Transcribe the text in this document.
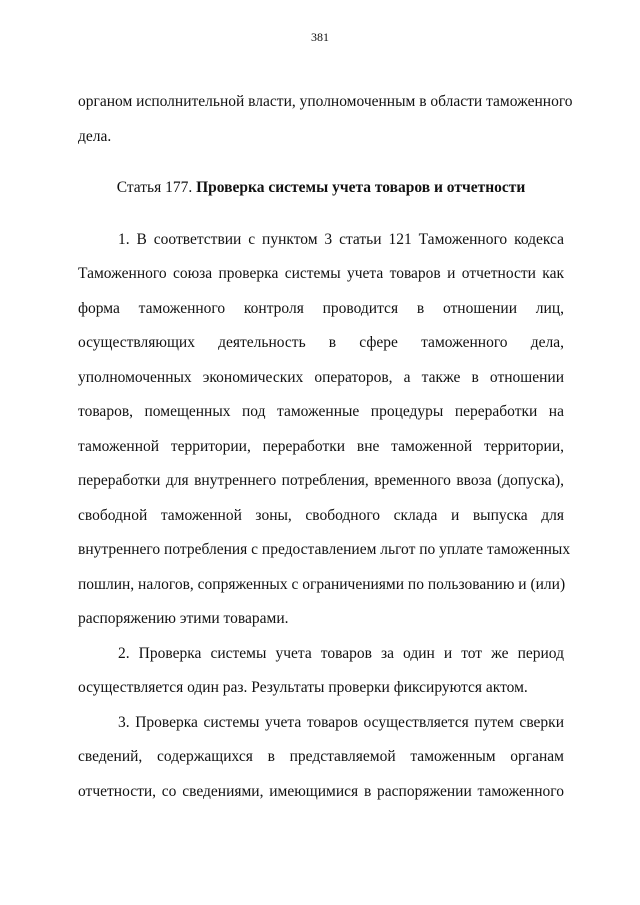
381
органом исполнительной власти, уполномоченным в области таможенного
дела.
Статья 177. Проверка системы учета товаров и отчетности
1. В соответствии с пунктом 3 статьи 121 Таможенного кодекса
Таможенного союза проверка системы учета товаров и отчетности как
форма таможенного контроля проводится в отношении лиц,
осуществляющих деятельность в сфере таможенного дела,
уполномоченных экономических операторов, а также в отношении
товаров, помещенных под таможенные процедуры переработки на
таможенной территории, переработки вне таможенной территории,
переработки для внутреннего потребления, временного ввоза (допуска),
свободной таможенной зоны, свободного склада и выпуска для
внутреннего потребления с предоставлением льгот по уплате таможенных
пошлин, налогов, сопряженных с ограничениями по пользованию и (или)
распоряжению этими товарами.
2. Проверка системы учета товаров за один и тот же период
осуществляется один раз. Результаты проверки фиксируются актом.
3. Проверка системы учета товаров осуществляется путем сверки
сведений, содержащихся в представляемой таможенным органам
отчетности, со сведениями, имеющимися в распоряжении таможенного
